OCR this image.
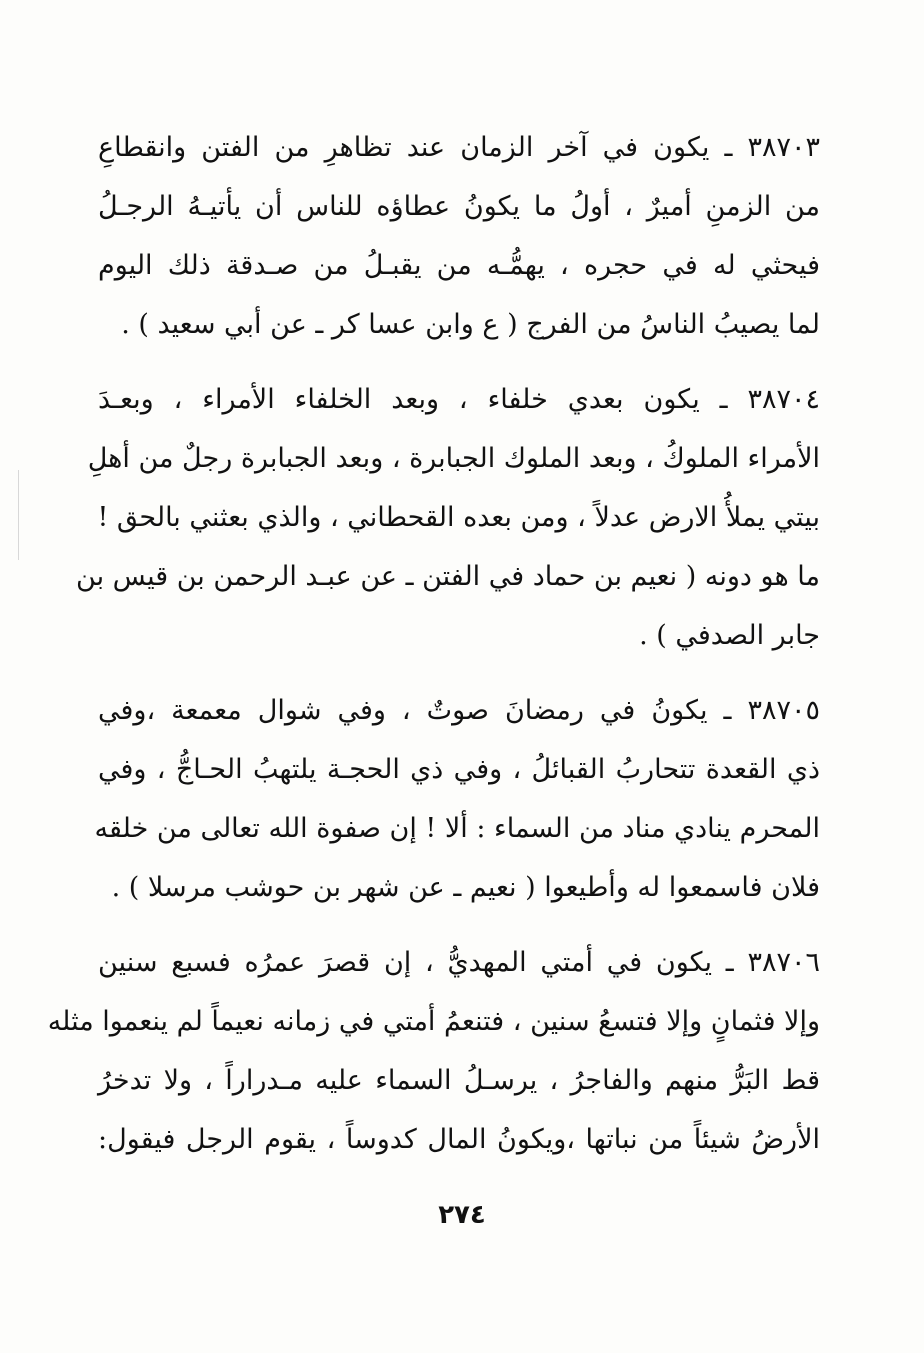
٣٨٧٠٣ ـ يكون في آخر الزمان عند تظاهرِ من الفتن وانقطاعِ
من الزمنِ أميرٌ ، أولُ ما يكونُ عطاؤه للناس أن يأتيـهُ الرجـلُ
فيحثي له في حجره ، يهمُّـه من يقبـلُ من صـدقة ذلك اليوم
لما يصيبُ الناسُ من الفرج ( ع وابن عسا كر ـ عن أبي سعيد ) .
٣٨٧٠٤ ـ يكون بعدي خلفاء ، وبعد الخلفاء الأمراء ، وبعـدَ
الأمراء الملوكُ ، وبعد الملوك الجبابرة ، وبعد الجبابرة رجلٌ من أهلِ
بيتي يملأُ الارض عدلاً ، ومن بعده القحطاني ، والذي بعثني بالحق !
ما هو دونه ( نعيم بن حماد في الفتن ـ عن عبـد الرحمن بن قيس بن
جابر الصدفي ) .
٣٨٧٠٥ ـ يكونُ في رمضانَ صوتٌ ، وفي شوال معمعة ،وفي
ذي القعدة تتحاربُ القبائلُ ، وفي ذي الحجـة يلتهبُ الحـاجُّ ، وفي
المحرم ينادي مناد من السماء : ألا ! إن صفوة الله تعالى من خلقه
فلان فاسمعوا له وأطيعوا ( نعيم ـ عن شهر بن حوشب مرسلا ) .
٣٨٧٠٦ ـ يكون في أمتي المهديُّ ، إن قصرَ عمرُه فسبع سنين
وإلا فثمانٍ وإلا فتسعُ سنين ، فتنعمُ أمتي في زمانه نعيماً لم ينعموا مثله
قط البَرُّ منهم والفاجرُ ، يرسـلُ السماء عليه مـدراراً ، ولا تدخرُ
الأرضُ شيئاً من نباتها ،ويكونُ المال كدوساً ، يقوم الرجل فيقول:
٢٧٤
